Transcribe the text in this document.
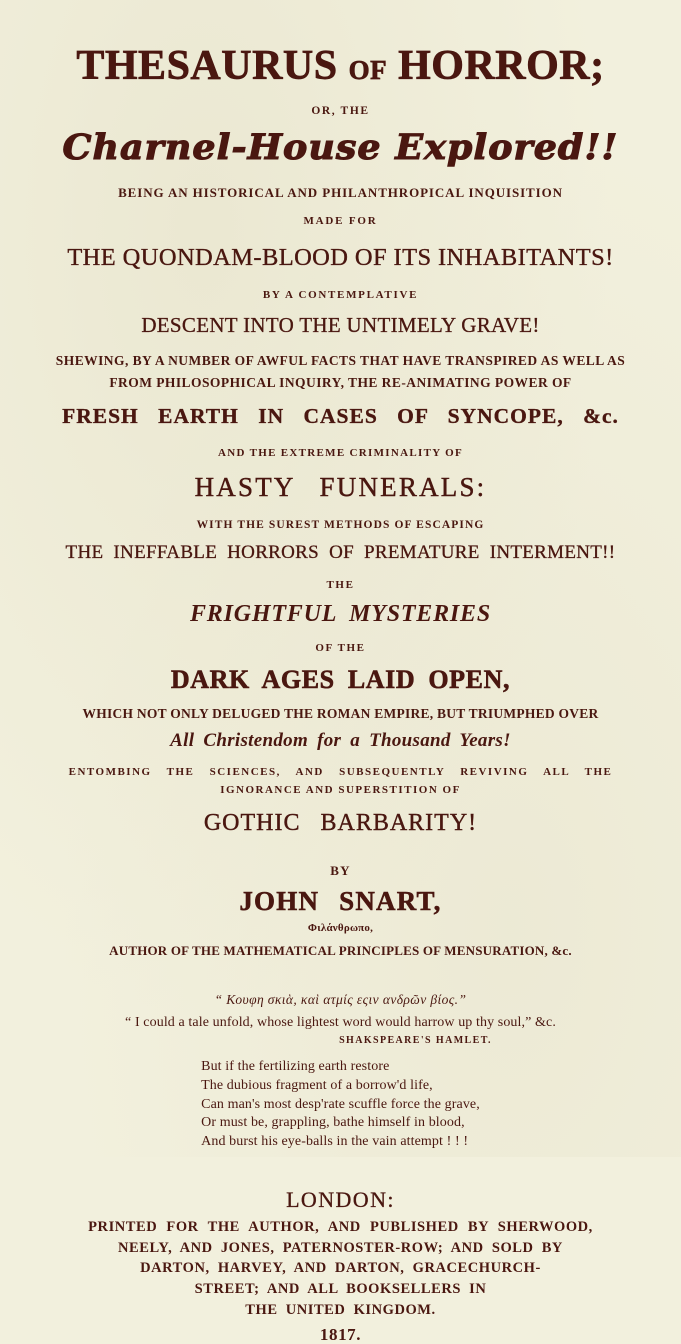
THESAURUS OF HORROR;
OR, THE
Charnel-House Explored!!
BEING AN HISTORICAL AND PHILANTHROPICAL INQUISITION
MADE FOR
THE QUONDAM-BLOOD OF ITS INHABITANTS!
BY A CONTEMPLATIVE
DESCENT INTO THE UNTIMELY GRAVE!
SHEWING, BY A NUMBER OF AWFUL FACTS THAT HAVE TRANSPIRED AS WELL AS
FROM PHILOSOPHICAL INQUIRY, THE RE-ANIMATING POWER OF
FRESH EARTH IN CASES OF SYNCOPE, &c.
AND THE EXTREME CRIMINALITY OF
HASTY FUNERALS:
WITH THE SUREST METHODS OF ESCAPING
THE INEFFABLE HORRORS OF PREMATURE INTERMENT!!
THE
FRIGHTFUL MYSTERIES
OF THE
DARK AGES LAID OPEN,
WHICH NOT ONLY DELUGED THE ROMAN EMPIRE, BUT TRIUMPHED OVER
All Christendom for a Thousand Years!
ENTOMBING THE SCIENCES, AND SUBSEQUENTLY REVIVING ALL THE
IGNORANCE AND SUPERSTITION OF
GOTHIC BARBARITY!
BY
JOHN SNART,
Φιλάνθρωπο,
AUTHOR OF THE MATHEMATICAL PRINCIPLES OF MENSURATION, &c.
“ Κουφη σκιὰ, καὶ ατμίς εςιν ανδρῶν βίος.”
“ I could a tale unfold, whose lightest word would harrow up thy soul,” &c.
SHAKSPEARE'S HAMLET.
But if the fertilizing earth restore
The dubious fragment of a borrow'd life,
Can man's most desp'rate scuffle force the grave,
Or must be, grappling, bathe himself in blood,
And burst his eye-balls in the vain attempt ! ! !
LONDON:
PRINTED FOR THE AUTHOR, AND PUBLISHED BY SHERWOOD,
NEELY, AND JONES, PATERNOSTER-ROW; AND SOLD BY
DARTON, HARVEY, AND DARTON, GRACECHURCH-
STREET; AND ALL BOOKSELLERS IN
THE UNITED KINGDOM.
1817.
